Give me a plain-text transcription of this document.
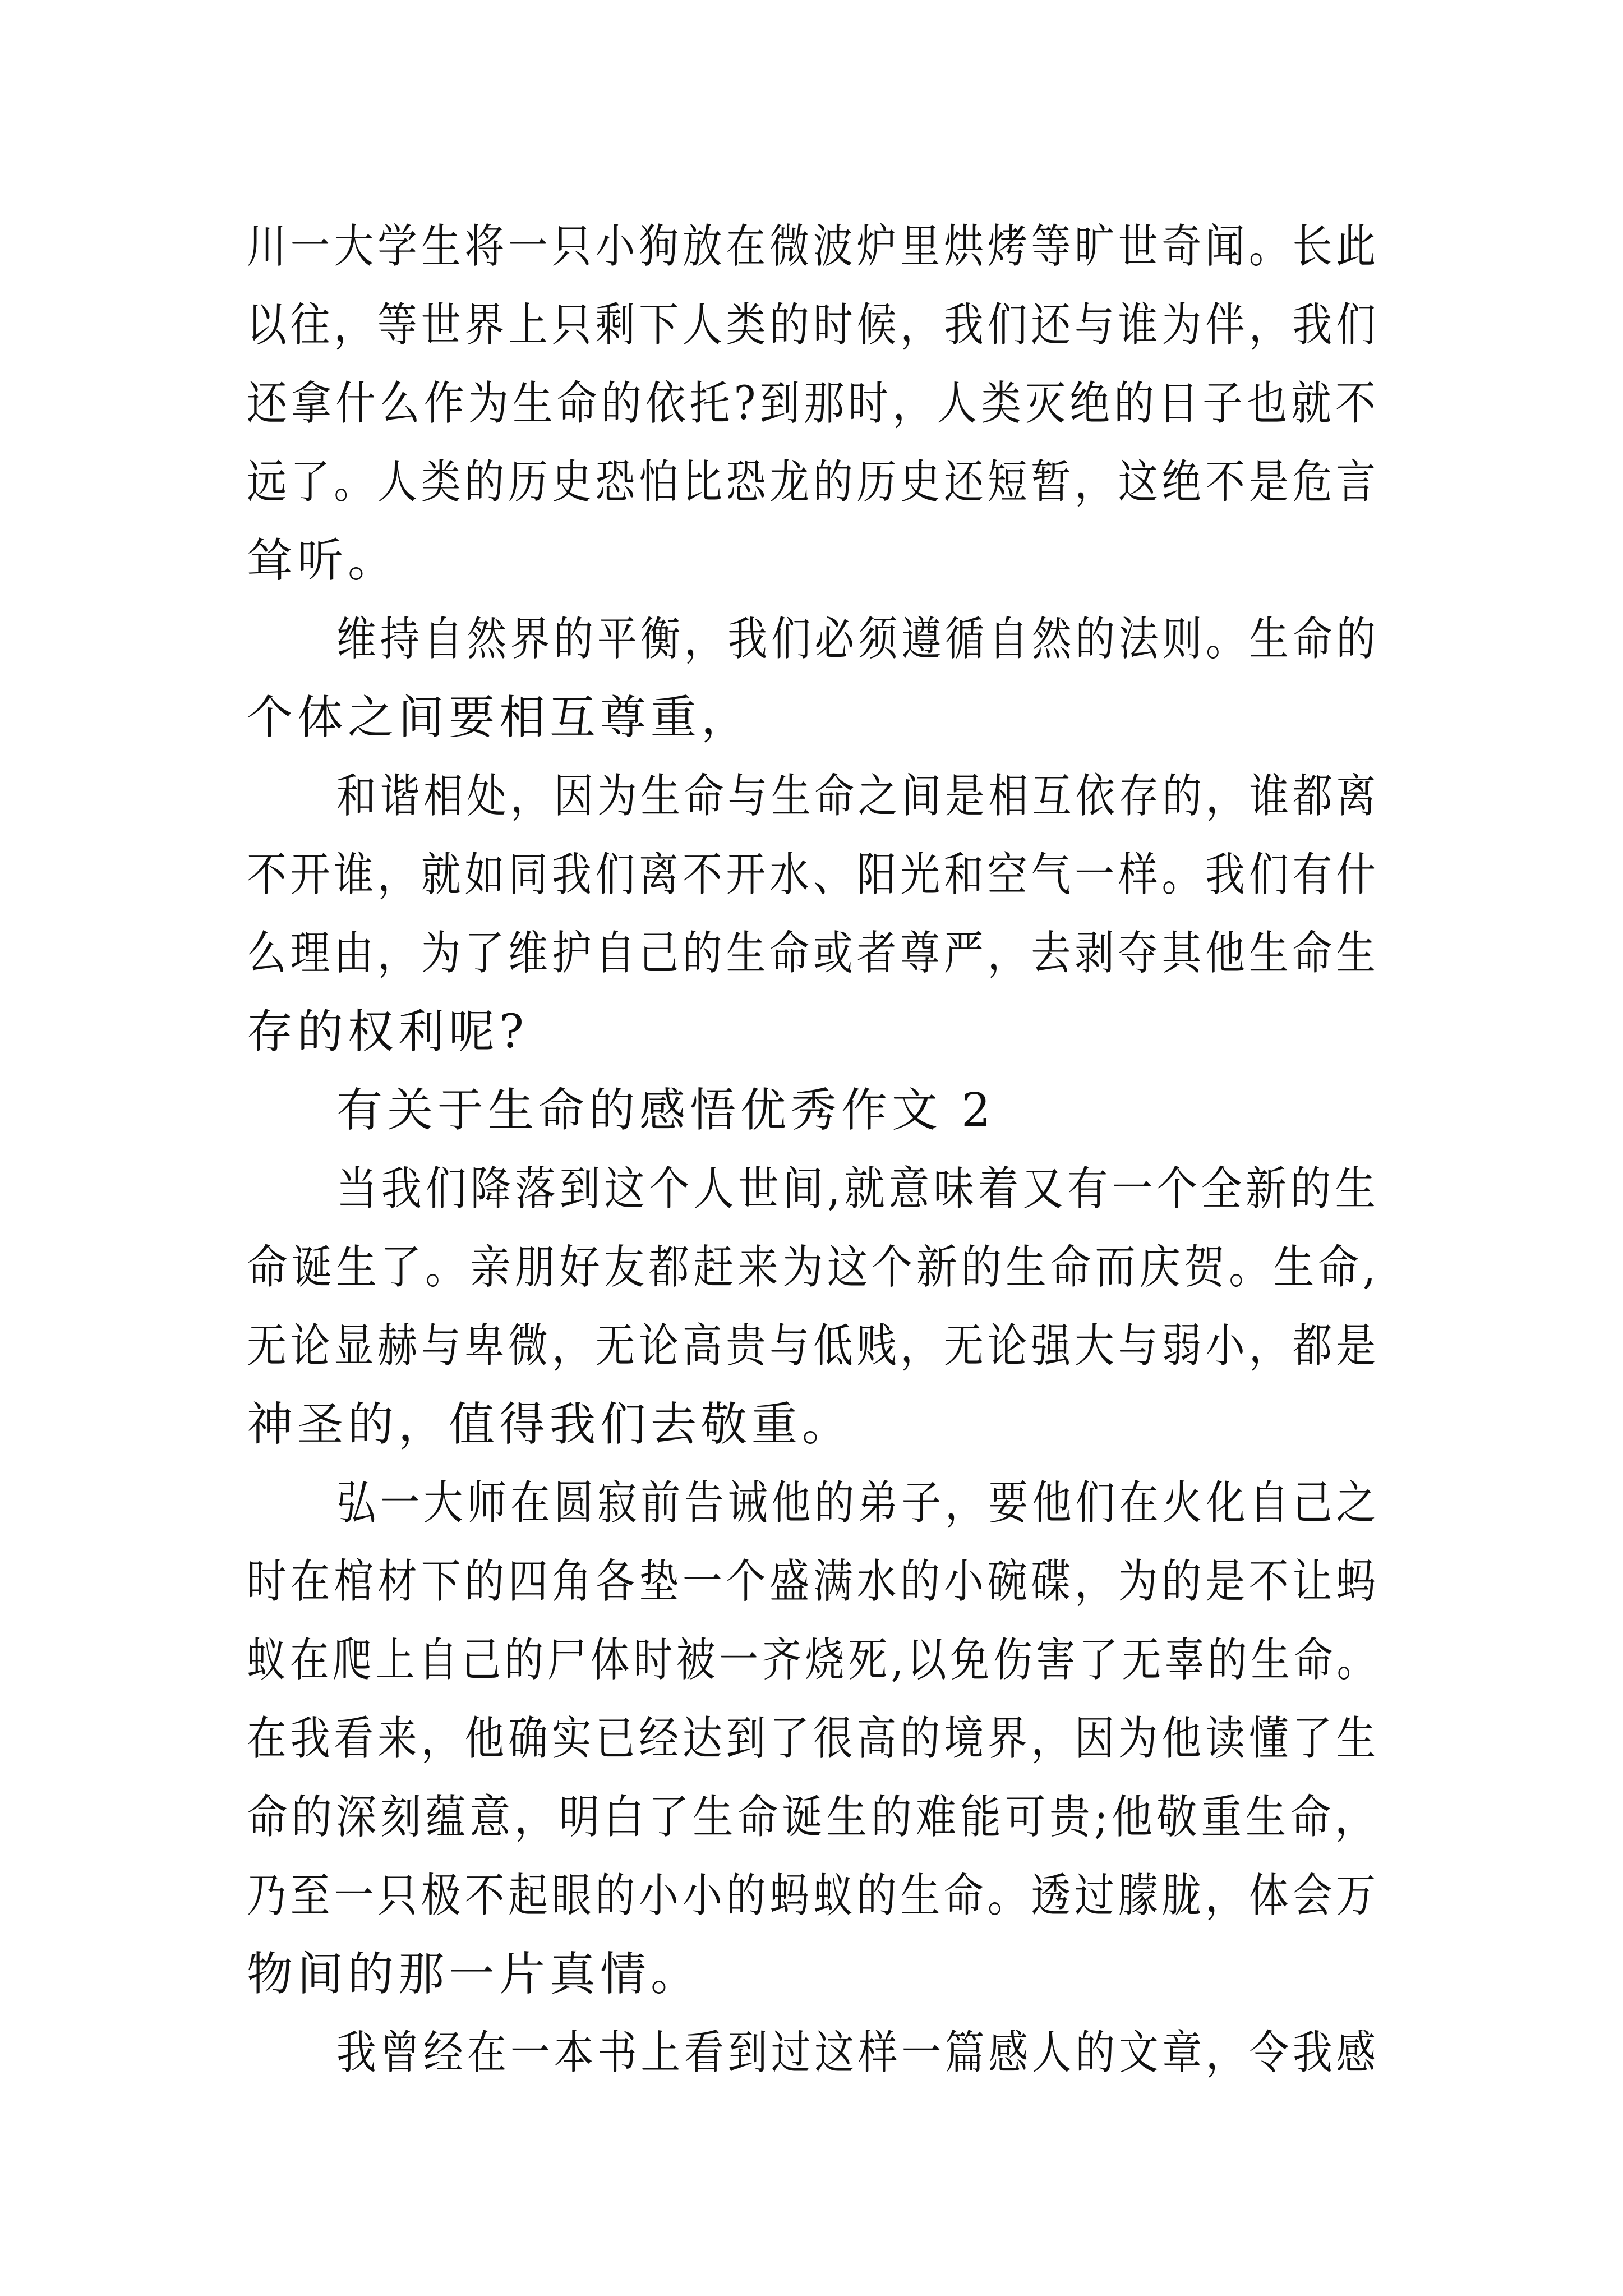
川一大学生将一只小狗放在微波炉里烘烤等旷世奇闻。长此
以往，等世界上只剩下人类的时候，我们还与谁为伴，我们
还拿什么作为生命的依托?到那时，人类灭绝的日子也就不
远了。人类的历史恐怕比恐龙的历史还短暂，这绝不是危言
耸听。
维持自然界的平衡，我们必须遵循自然的法则。生命的
个体之间要相互尊重，
和谐相处，因为生命与生命之间是相互依存的，谁都离
不开谁，就如同我们离不开水、阳光和空气一样。我们有什
么理由，为了维护自己的生命或者尊严，去剥夺其他生命生
存的权利呢?
有关于生命的感悟优秀作文 2
当我们降落到这个人世间,就意味着又有一个全新的生
命诞生了。亲朋好友都赶来为这个新的生命而庆贺。生命,
无论显赫与卑微，无论高贵与低贱，无论强大与弱小，都是
神圣的，值得我们去敬重。
弘一大师在圆寂前告诫他的弟子，要他们在火化自己之
时在棺材下的四角各垫一个盛满水的小碗碟，为的是不让蚂
蚁在爬上自己的尸体时被一齐烧死,以免伤害了无辜的生命。
在我看来，他确实已经达到了很高的境界，因为他读懂了生
命的深刻蕴意，明白了生命诞生的难能可贵;他敬重生命，
乃至一只极不起眼的小小的蚂蚁的生命。透过朦胧，体会万
物间的那一片真情。
我曾经在一本书上看到过这样一篇感人的文章，令我感
